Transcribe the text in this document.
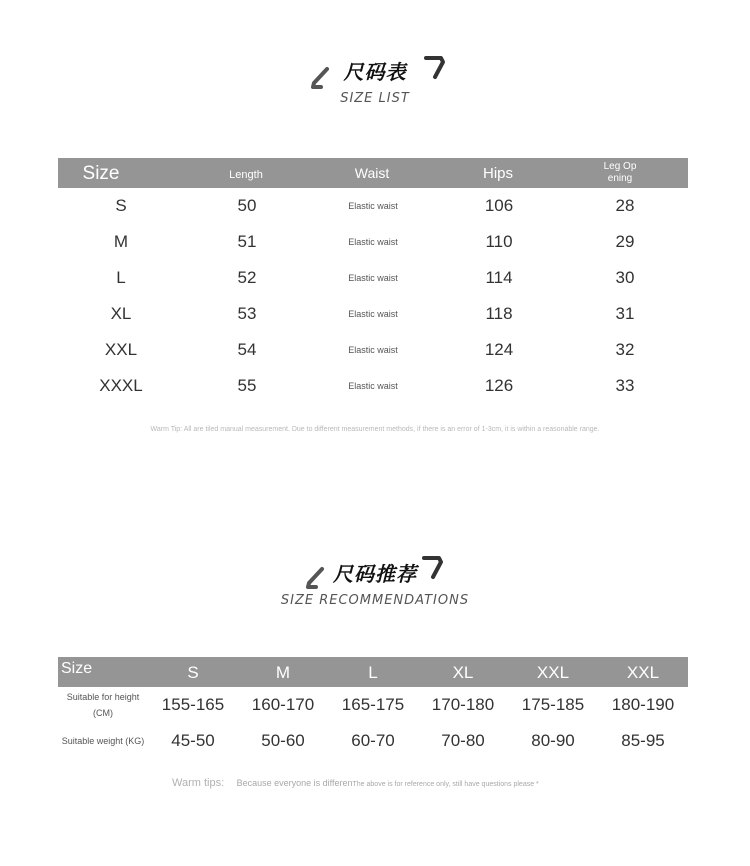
尺码表
SIZE LIST
Size	Length	Waist	Hips	Leg Opening
S	50	Elastic waist	106	28
M	51	Elastic waist	110	29
L	52	Elastic waist	114	30
XL	53	Elastic waist	118	31
XXL	54	Elastic waist	124	32
XXXL	55	Elastic waist	126	33
Warm Tip: All are tiled manual measurement. Due to different measurement methods, if there is an error of 1-3cm, it is within a reasonable range.
尺码推荐
SIZE RECOMMENDATIONS
Size	S	M	L	XL	XXL	XXL
Suitable for height (CM)	155-165	160-170	165-175	170-180	175-185	180-190
Suitable weight (KG)	45-50	50-60	60-70	70-80	80-90	85-95
Warm tips: Because everyone is differenThe above is for reference only, still have questions please *
